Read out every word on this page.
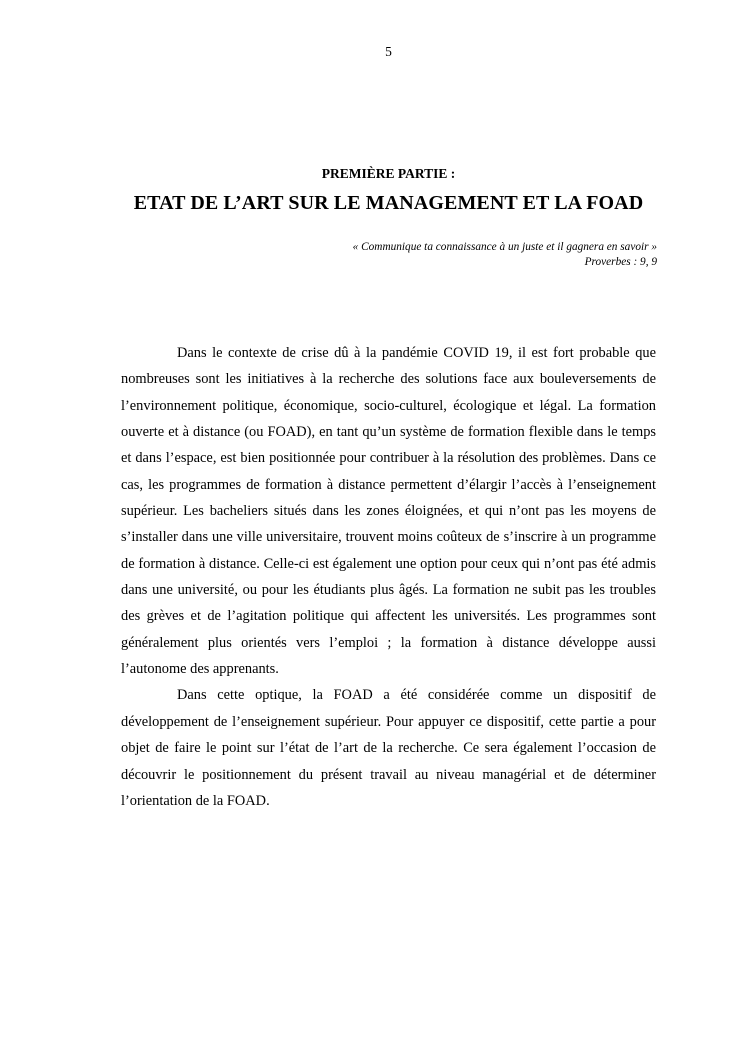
5
PREMIÈRE PARTIE :
ETAT DE L’ART SUR LE MANAGEMENT ET LA FOAD
« Communique ta connaissance à un juste et il gagnera en savoir »
Proverbes : 9, 9

Dans le contexte de crise dû à la pandémie COVID 19, il est fort probable que nombreuses sont les initiatives à la recherche des solutions face aux bouleversements de l’environnement politique, économique, socio-culturel, écologique et légal. La formation ouverte et à distance (ou FOAD), en tant qu’un système de formation flexible dans le temps et dans l’espace, est bien positionnée pour contribuer à la résolution des problèmes. Dans ce cas, les programmes de formation à distance permettent d’élargir l’accès à l’enseignement supérieur. Les bacheliers situés dans les zones éloignées, et qui n’ont pas les moyens de s’installer dans une ville universitaire, trouvent moins coûteux de s’inscrire à un programme de formation à distance. Celle-ci est également une option pour ceux qui n’ont pas été admis dans une université, ou pour les étudiants plus âgés. La formation ne subit pas les troubles des grèves et de l’agitation politique qui affectent les universités. Les programmes sont généralement plus orientés vers l’emploi ; la formation à distance développe aussi l’autonome des apprenants.

Dans cette optique, la FOAD a été considérée comme un dispositif de développement de l’enseignement supérieur. Pour appuyer ce dispositif, cette partie a pour objet de faire le point sur l’état de l’art de la recherche. Ce sera également l’occasion de découvrir le positionnement du présent travail au niveau managérial et de déterminer l’orientation de la FOAD.
